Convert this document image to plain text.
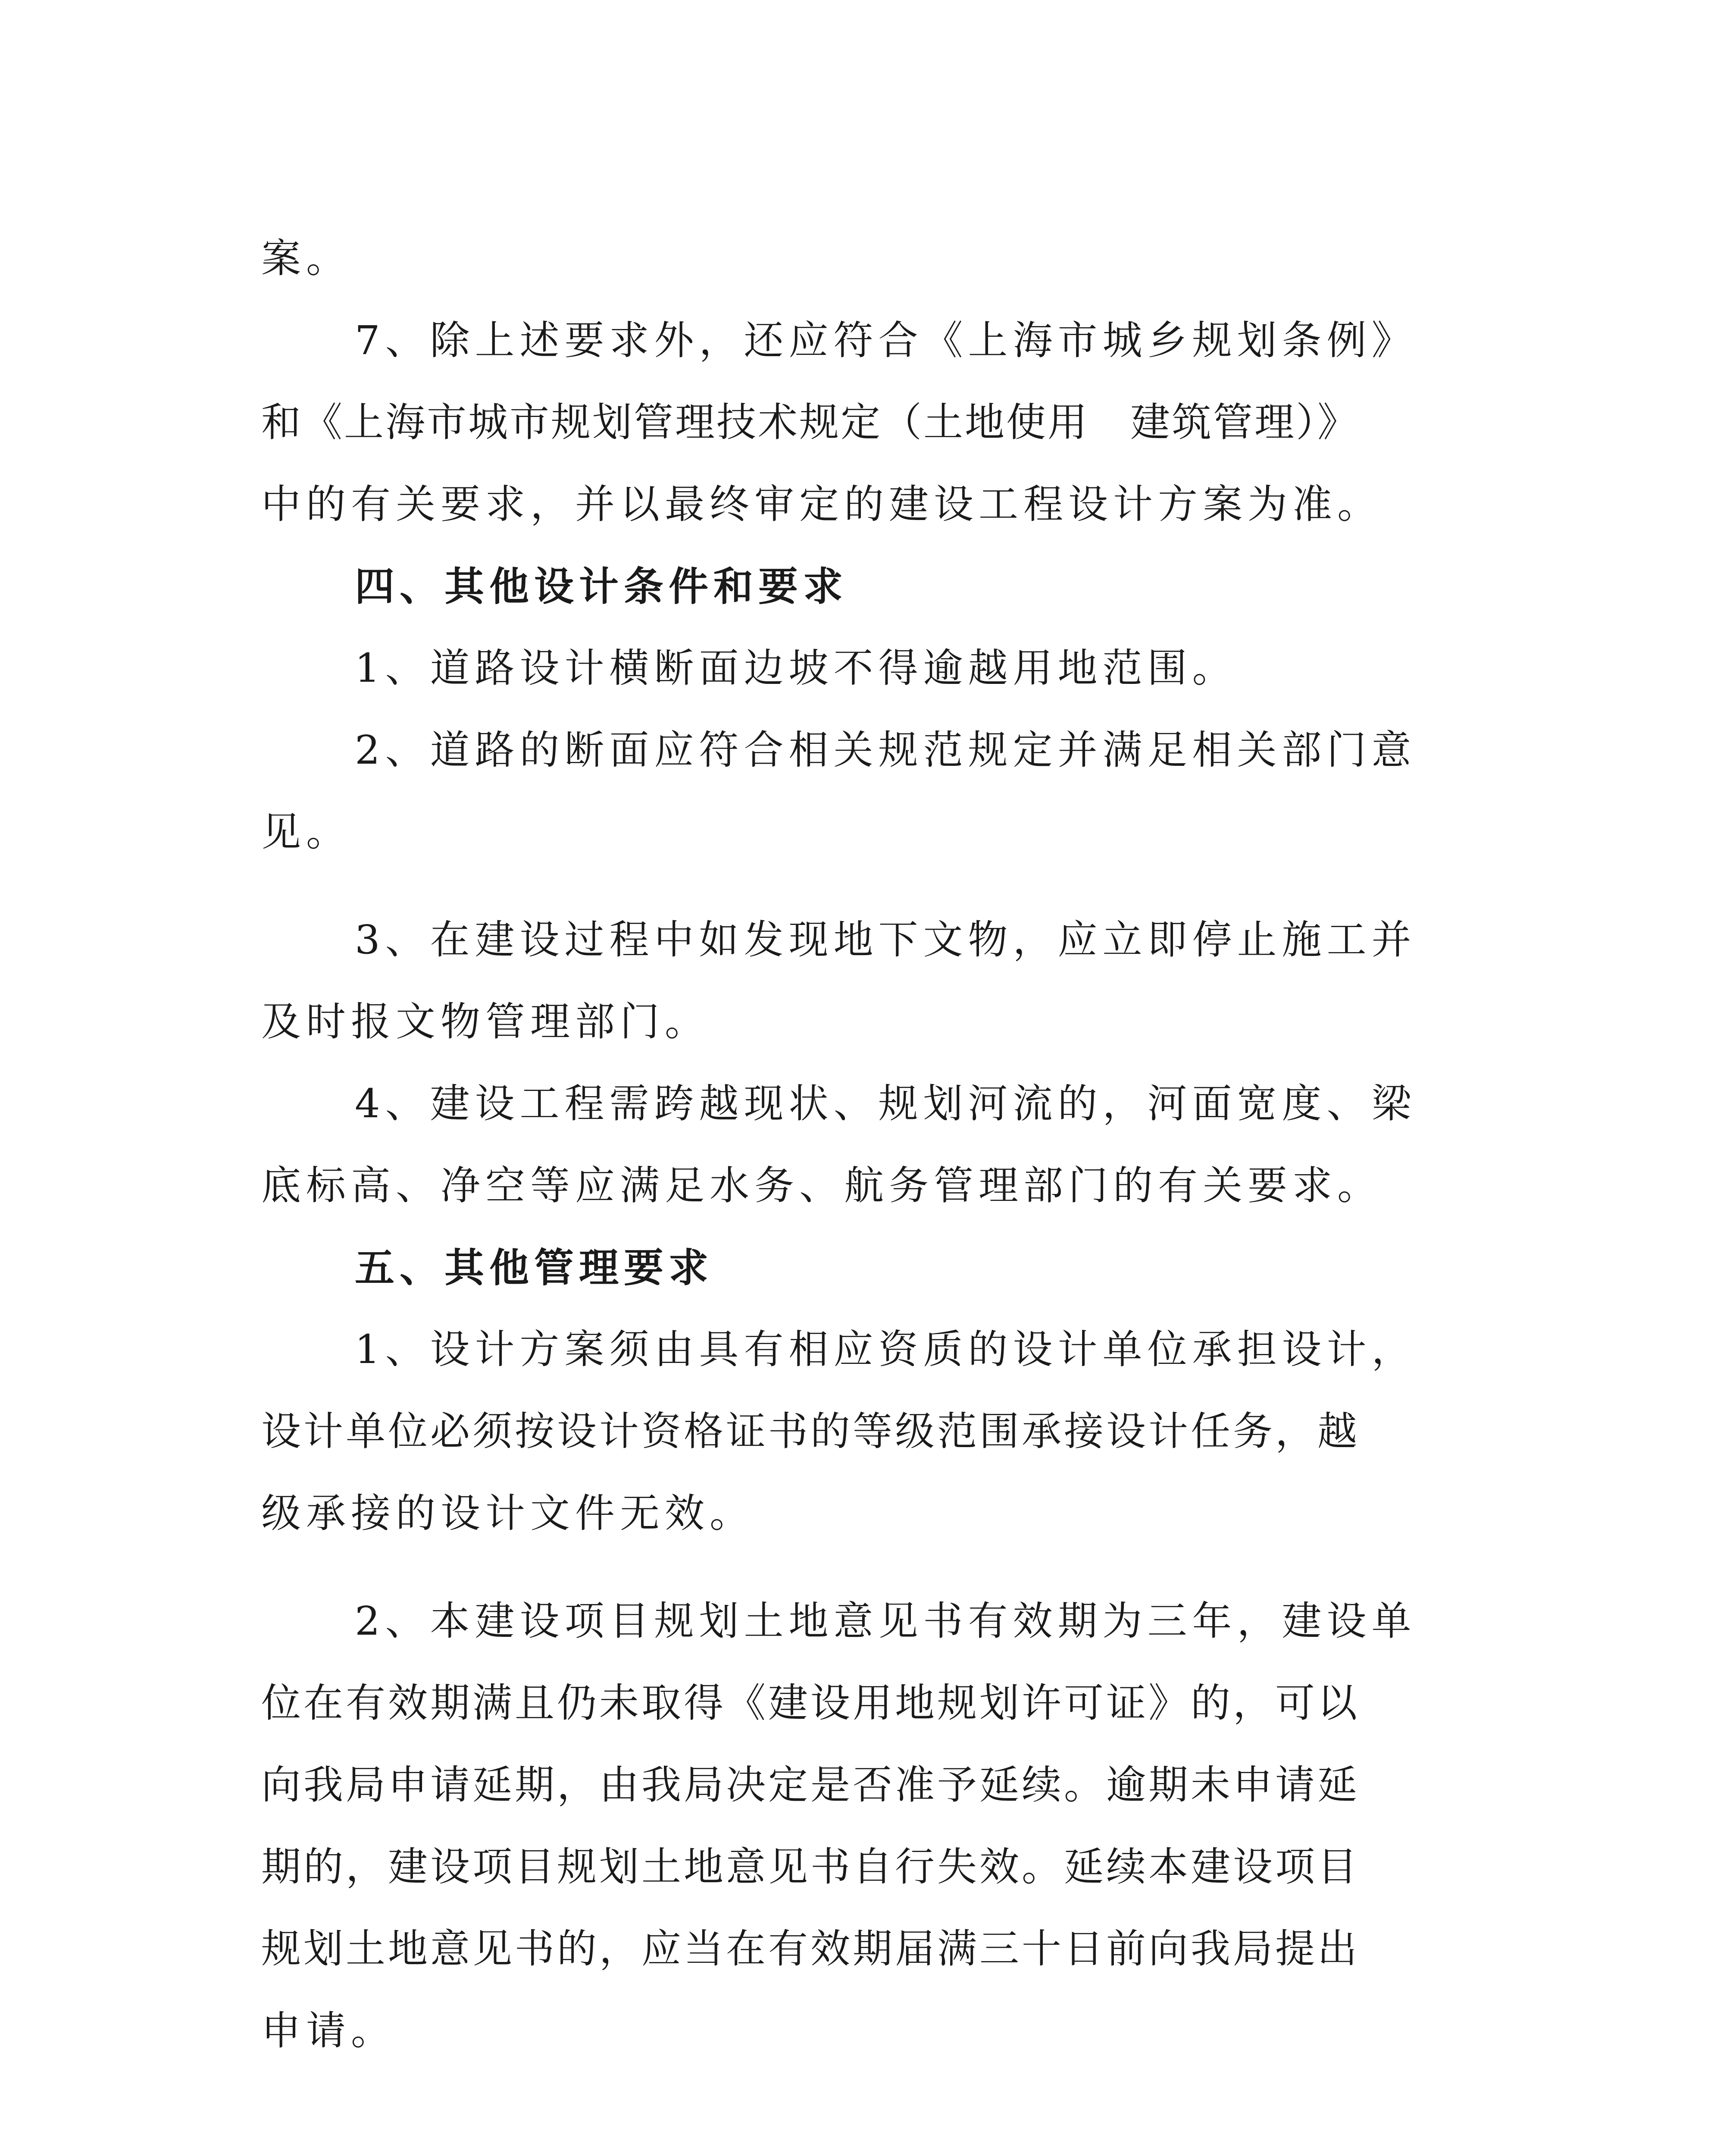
案。
7、除上述要求外，还应符合《上海市城乡规划条例》
和《上海市城市规划管理技术规定（土地使用　建筑管理）》
中的有关要求，并以最终审定的建设工程设计方案为准。
四、其他设计条件和要求
1、道路设计横断面边坡不得逾越用地范围。
2、道路的断面应符合相关规范规定并满足相关部门意
见。
3、在建设过程中如发现地下文物，应立即停止施工并
及时报文物管理部门。
4、建设工程需跨越现状、规划河流的，河面宽度、梁
底标高、净空等应满足水务、航务管理部门的有关要求。
五、其他管理要求
1、设计方案须由具有相应资质的设计单位承担设计，
设计单位必须按设计资格证书的等级范围承接设计任务，越
级承接的设计文件无效。
2、本建设项目规划土地意见书有效期为三年，建设单
位在有效期满且仍未取得《建设用地规划许可证》的，可以
向我局申请延期，由我局决定是否准予延续。逾期未申请延
期的，建设项目规划土地意见书自行失效。延续本建设项目
规划土地意见书的，应当在有效期届满三十日前向我局提出
申请。
